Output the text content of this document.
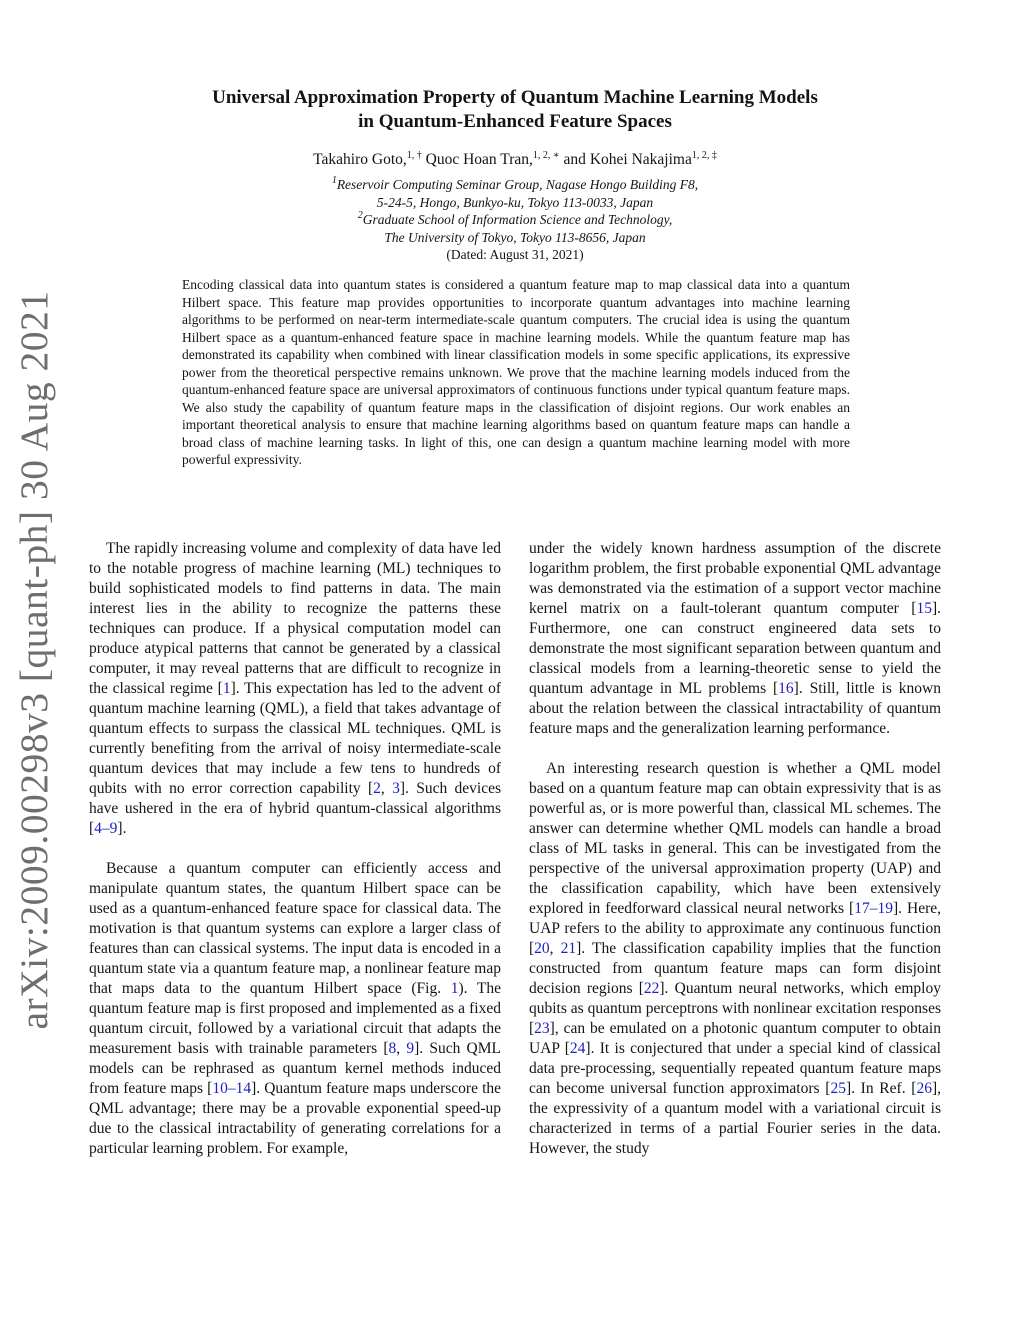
arXiv:2009.00298v3 [quant-ph] 30 Aug 2021
Universal Approximation Property of Quantum Machine Learning Models
in Quantum-Enhanced Feature Spaces
Takahiro Goto,$^{1, \dagger}$ Quoc Hoan Tran,$^{1, 2, ∗}$ and Kohei Nakajima$^{1, 2, \ddagger}$
$^1$Reservoir Computing Seminar Group, Nagase Hongo Building F8,
5-24-5, Hongo, Bunkyo-ku, Tokyo 113-0033, Japan
$^2$Graduate School of Information Science and Technology,
The University of Tokyo, Tokyo 113-8656, Japan
(Dated: August 31, 2021)

Encoding classical data into quantum states is considered a quantum feature map to map classical data into a quantum Hilbert space. This feature map provides opportunities to incorporate quantum advantages into machine learning algorithms to be performed on near-term intermediate-scale quantum computers. The crucial idea is using the quantum Hilbert space as a quantum-enhanced feature space in machine learning models. While the quantum feature map has demonstrated its capability when combined with linear classification models in some specific applications, its expressive power from the theoretical perspective remains unknown. We prove that the machine learning models induced from the quantum-enhanced feature space are universal approximators of continuous functions under typical quantum feature maps. We also study the capability of quantum feature maps in the classification of disjoint regions. Our work enables an important theoretical analysis to ensure that machine learning algorithms based on quantum feature maps can handle a broad class of machine learning tasks. In light of this, one can design a quantum machine learning model with more powerful expressivity.

The rapidly increasing volume and complexity of data have led to the notable progress of machine learning (ML) techniques to build sophisticated models to find patterns in data. The main interest lies in the ability to recognize the patterns these techniques can produce. If a physical computation model can produce atypical patterns that cannot be generated by a classical computer, it may reveal patterns that are difficult to recognize in the classical regime [1]. This expectation has led to the advent of quantum machine learning (QML), a field that takes advantage of quantum effects to surpass the classical ML techniques. QML is currently benefiting from the arrival of noisy intermediate-scale quantum devices that may include a few tens to hundreds of qubits with no error correction capability [2, 3]. Such devices have ushered in the era of hybrid quantum-classical algorithms [4–9].

Because a quantum computer can efficiently access and manipulate quantum states, the quantum Hilbert space can be used as a quantum-enhanced feature space for classical data. The motivation is that quantum systems can explore a larger class of features than can classical systems. The input data is encoded in a quantum state via a quantum feature map, a nonlinear feature map that maps data to the quantum Hilbert space (Fig. 1). The quantum feature map is first proposed and implemented as a fixed quantum circuit, followed by a variational circuit that adapts the measurement basis with trainable parameters [8, 9]. Such QML models can be rephrased as quantum kernel methods induced from feature maps [10–14]. Quantum feature maps underscore the QML advantage; there may be a provable exponential speed-up due to the classical intractability of generating correlations for a particular learning problem. For example,

under the widely known hardness assumption of the discrete logarithm problem, the first probable exponential QML advantage was demonstrated via the estimation of a support vector machine kernel matrix on a fault-tolerant quantum computer [15]. Furthermore, one can construct engineered data sets to demonstrate the most significant separation between quantum and classical models from a learning-theoretic sense to yield the quantum advantage in ML problems [16]. Still, little is known about the relation between the classical intractability of quantum feature maps and the generalization learning performance.

An interesting research question is whether a QML model based on a quantum feature map can obtain expressivity that is as powerful as, or is more powerful than, classical ML schemes. The answer can determine whether QML models can handle a broad class of ML tasks in general. This can be investigated from the perspective of the universal approximation property (UAP) and the classification capability, which have been extensively explored in feedforward classical neural networks [17–19]. Here, UAP refers to the ability to approximate any continuous function [20, 21]. The classification capability implies that the function constructed from quantum feature maps can form disjoint decision regions [22]. Quantum neural networks, which employ qubits as quantum perceptrons with nonlinear excitation responses [23], can be emulated on a photonic quantum computer to obtain UAP [24]. It is conjectured that under a special kind of classical data pre-processing, sequentially repeated quantum feature maps can become universal function approximators [25]. In Ref. [26], the expressivity of a quantum model with a variational circuit is characterized in terms of a partial Fourier series in the data. However, the study
